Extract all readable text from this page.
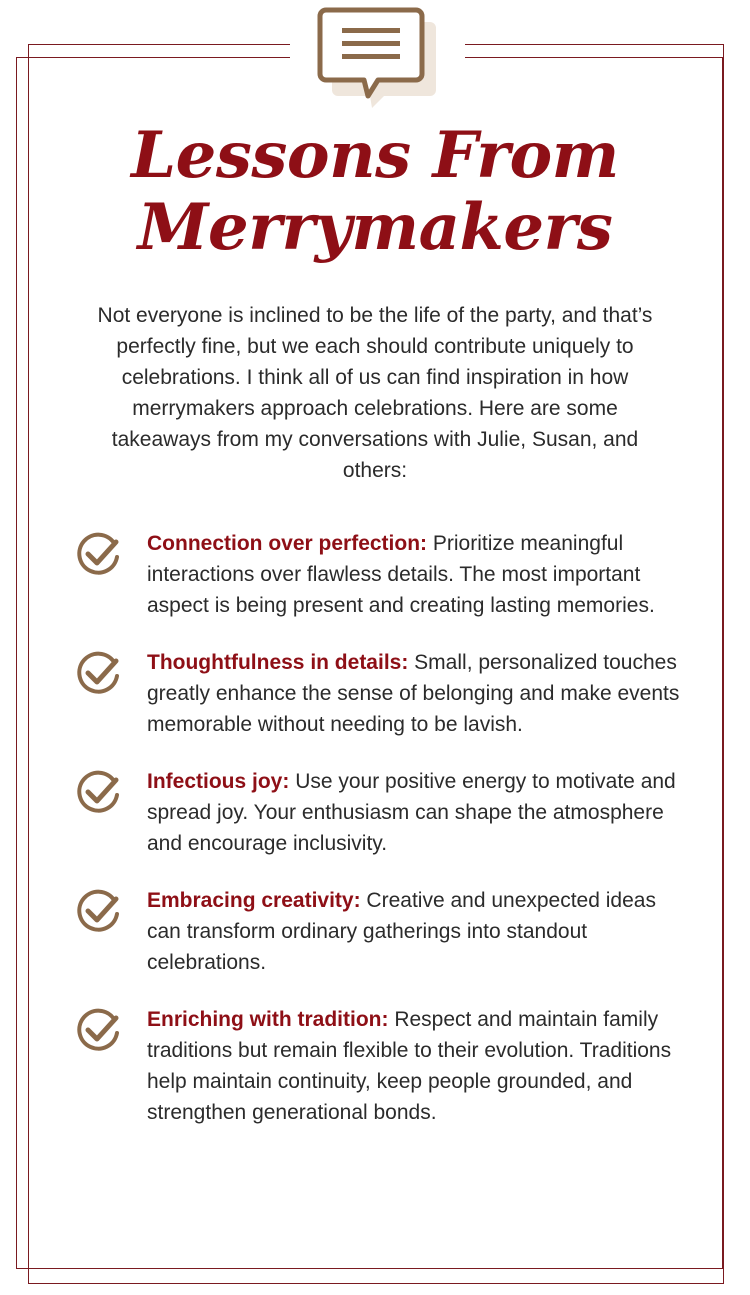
Lessons From Merrymakers

Not everyone is inclined to be the life of the party, and that’s perfectly fine, but we each should contribute uniquely to celebrations. I think all of us can find inspiration in how merrymakers approach celebrations. Here are some takeaways from my conversations with Julie, Susan, and others:

Connection over perfection: Prioritize meaningful interactions over flawless details. The most important aspect is being present and creating lasting memories.
Thoughtfulness in details: Small, personalized touches greatly enhance the sense of belonging and make events memorable without needing to be lavish.
Infectious joy: Use your positive energy to motivate and spread joy. Your enthusiasm can shape the atmosphere and encourage inclusivity.
Embracing creativity: Creative and unexpected ideas can transform ordinary gatherings into standout celebrations.
Enriching with tradition: Respect and maintain family traditions but remain flexible to their evolution. Traditions help maintain continuity, keep people grounded, and strengthen generational bonds.
